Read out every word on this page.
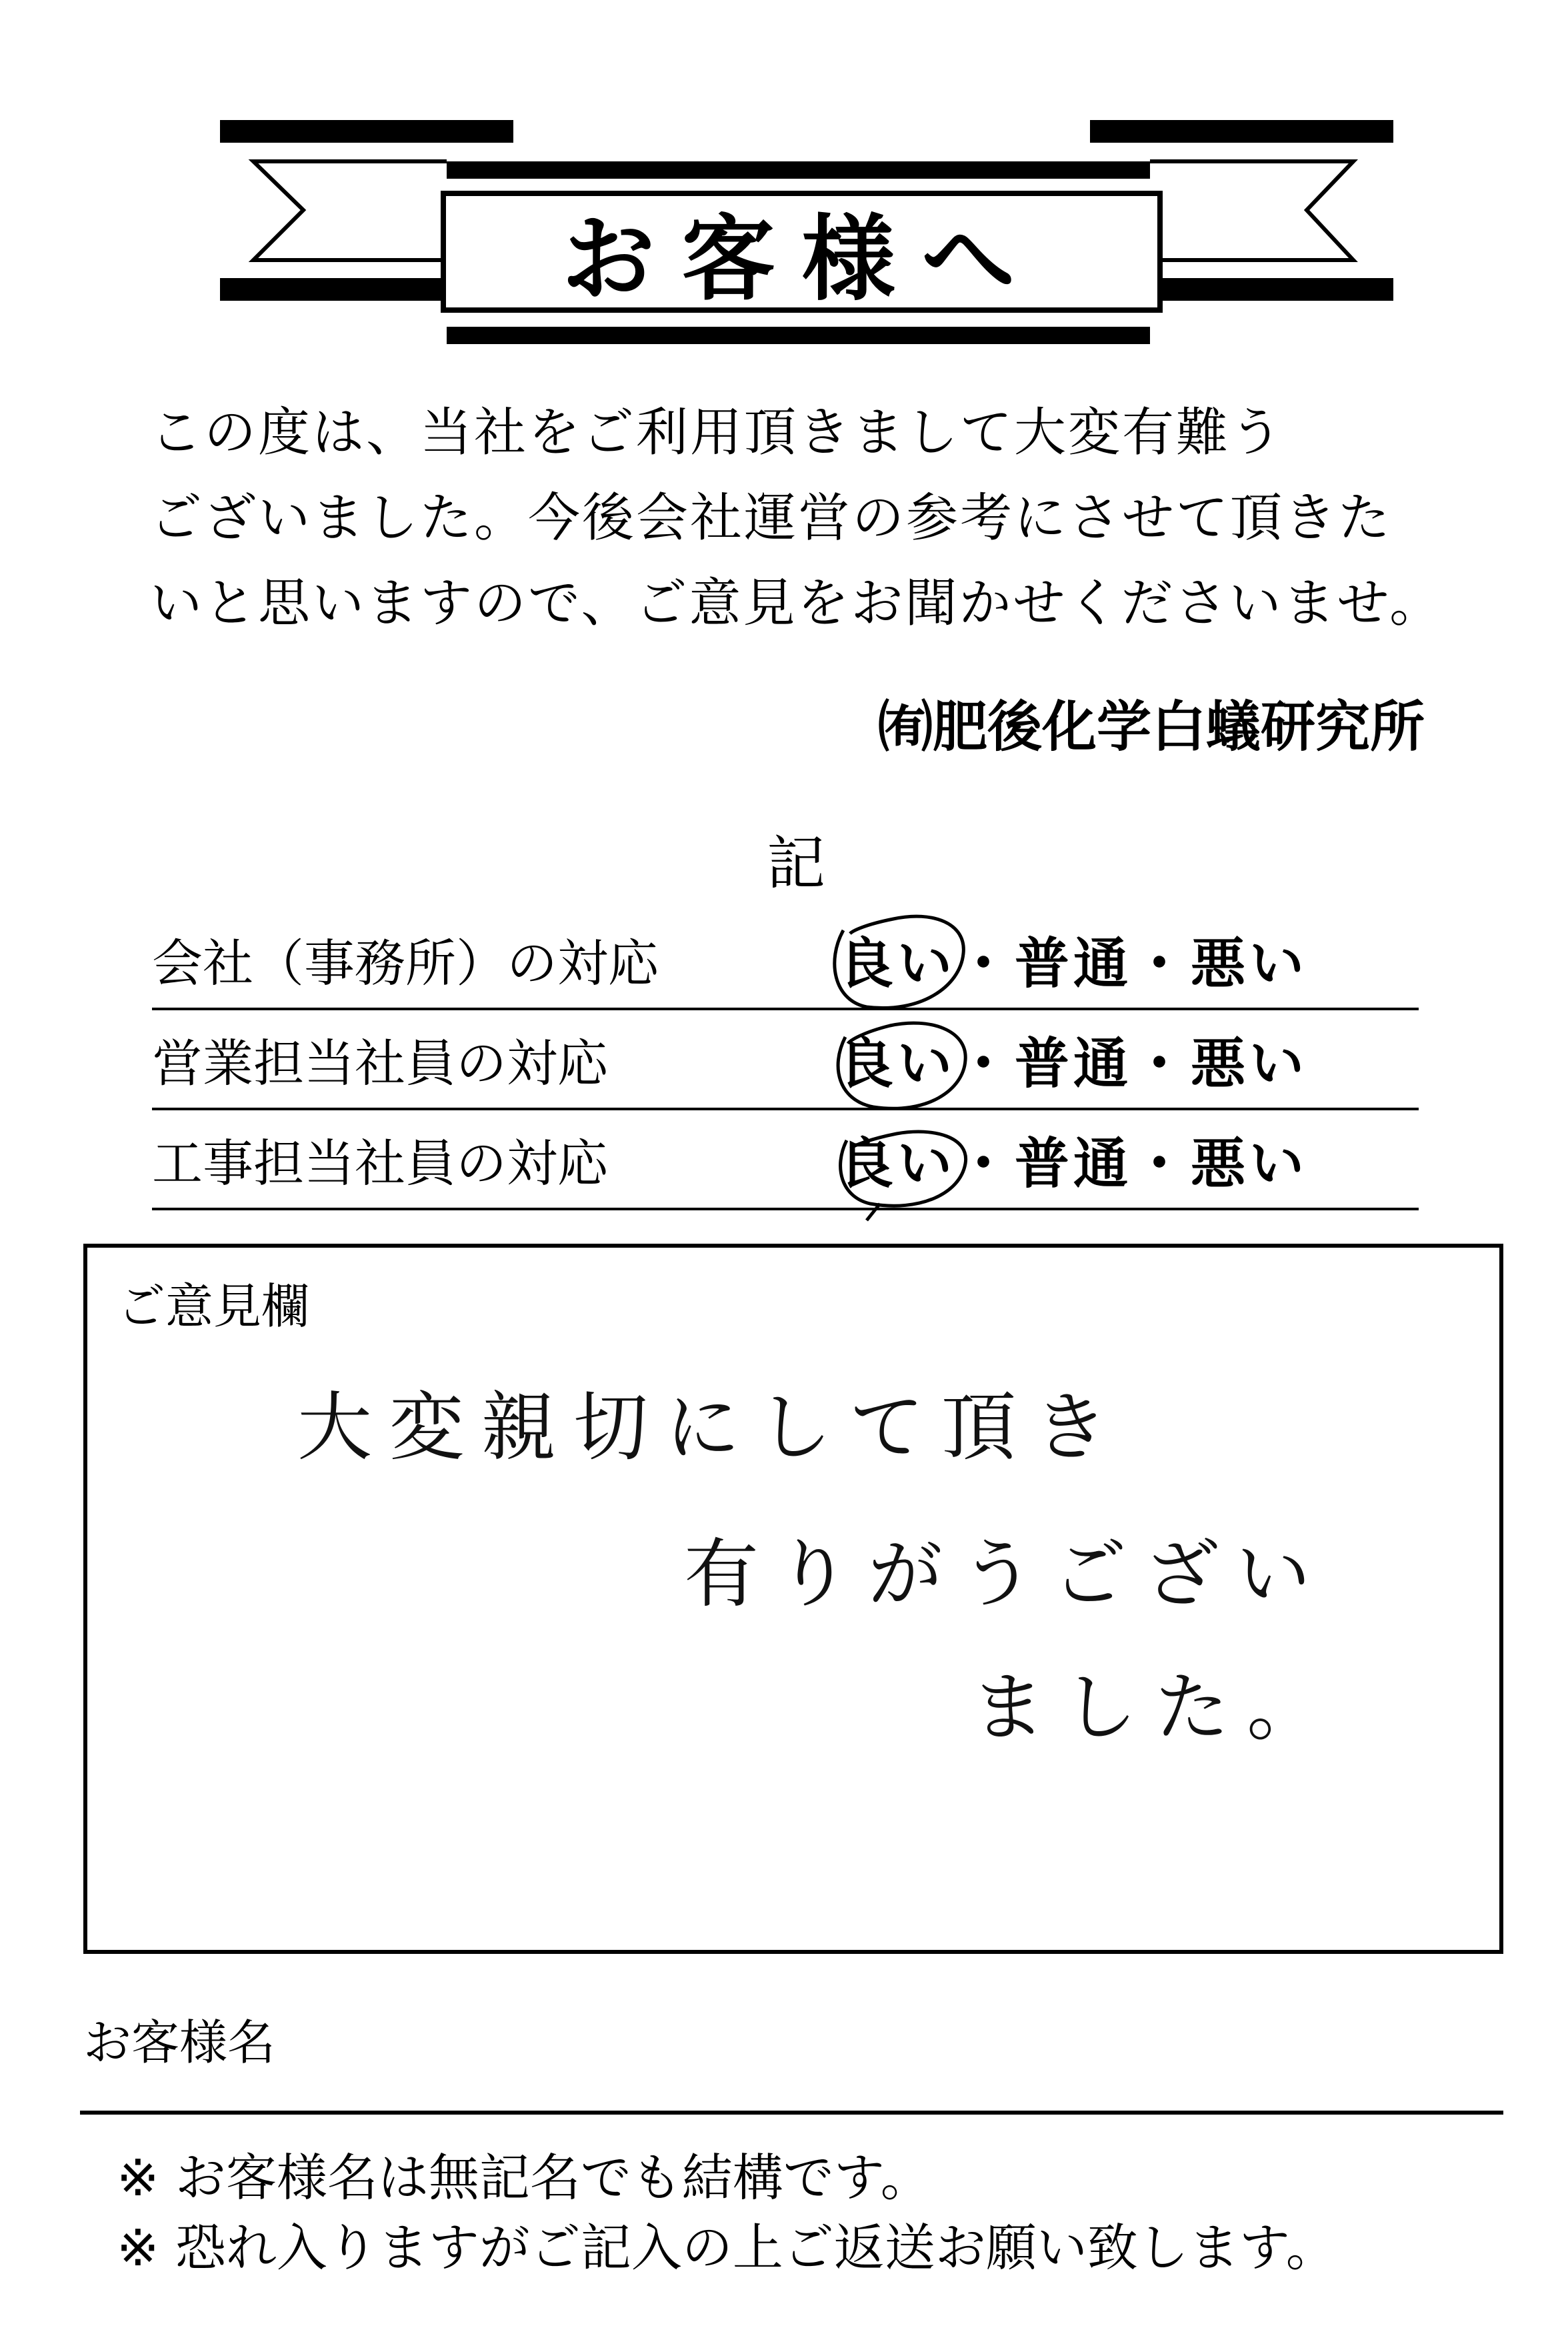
お客様へ
この度は、当社をご利用頂きまして大変有難う
ございました。今後会社運営の参考にさせて頂きた
いと思いますので、ご意見をお聞かせくださいませ。
㈲肥後化学白蟻研究所
記
会社（事務所）の対応	良い・普通・悪い
営業担当社員の対応	良い・普通・悪い
工事担当社員の対応	良い・普通・悪い
ご意見欄
大変親切にして頂き
有りがうござい
ました。
お客様名
※ お客様名は無記名でも結構です。
※ 恐れ入りますがご記入の上ご返送お願い致します。
